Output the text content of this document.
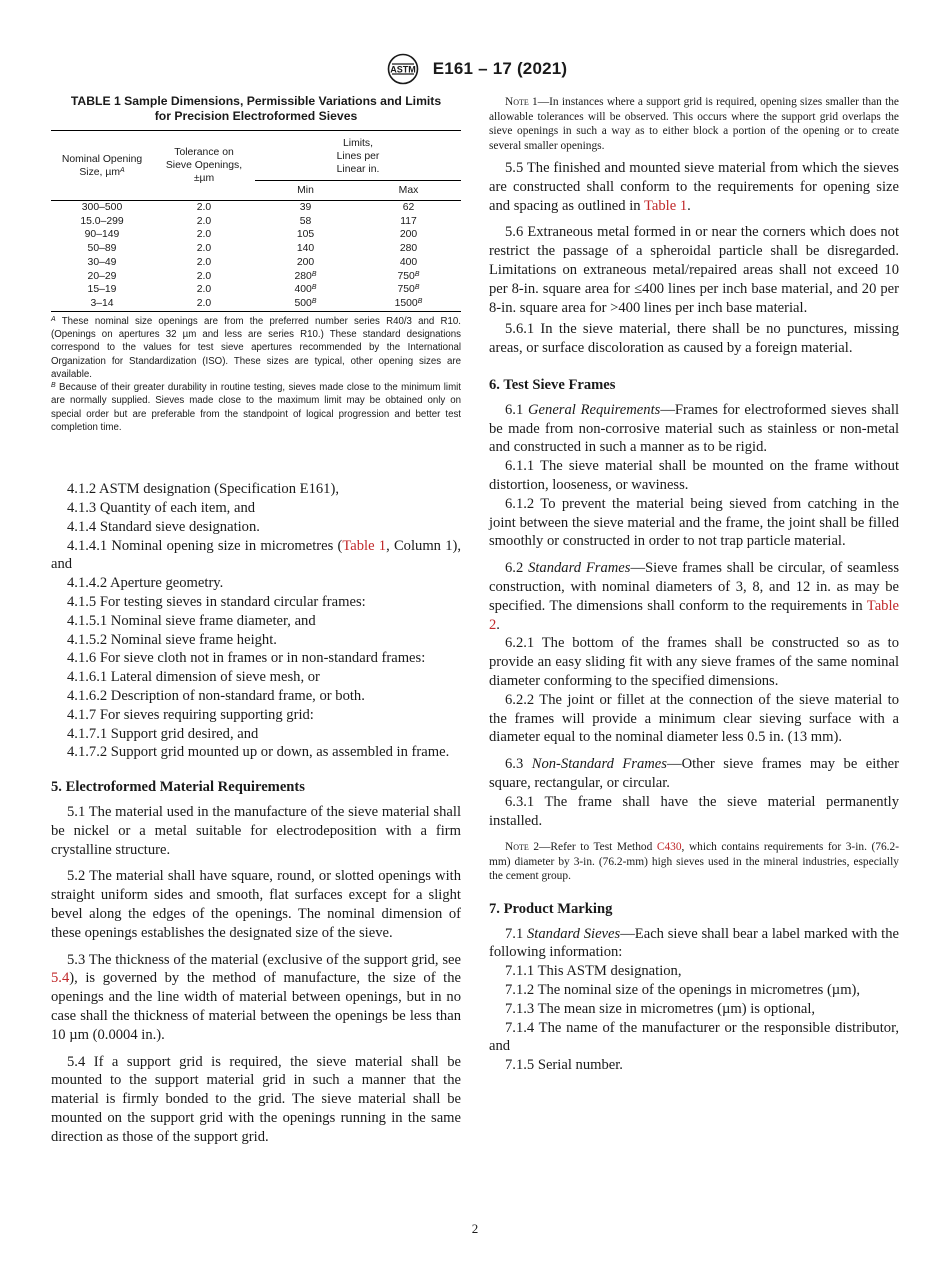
ASTM E161 – 17 (2021)
TABLE 1 Sample Dimensions, Permissible Variations and Limits
for Precision Electroformed Sieves
Nominal Opening
Size, µm$^A$	Tolerance on
Sieve Openings,
±µm	Limits,
Lines per
Linear in.	
		Min	Max
300–500	2.0	39	62
15.0–299	2.0	58	117
90–149	2.0	105	200
50–89	2.0	140	280
30–49	2.0	200	400
20–29	2.0	$280^B$	$750^B$
15–19	2.0	$400^B$	$750^B$
3–14	2.0	$500^B$	$1500^B$

$^A$ These nominal size openings are from the preferred number series R40/3 and R10. (Openings on apertures 32 µm and less are series R10.) These standard designations correspond to the values for test sieve apertures recommended by the International Organization for Standardization (ISO). These sizes are typical, other opening sizes are available.

$^B$ Because of their greater durability in routine testing, sieves made close to the minimum limit are normally supplied. Sieves made close to the maximum limit may be obtained only on special order but are preferable from the standpoint of logical progression and better test completion time.

4.1.2 ASTM designation (Specification E161),

4.1.3 Quantity of each item, and

4.1.4 Standard sieve designation.

4.1.4.1 Nominal opening size in micrometres (Table 1, Column 1), and

4.1.4.2 Aperture geometry.

4.1.5 For testing sieves in standard circular frames:

4.1.5.1 Nominal sieve frame diameter, and

4.1.5.2 Nominal sieve frame height.

4.1.6 For sieve cloth not in frames or in non-standard frames:

4.1.6.1 Lateral dimension of sieve mesh, or

4.1.6.2 Description of non-standard frame, or both.

4.1.7 For sieves requiring supporting grid:

4.1.7.1 Support grid desired, and

4.1.7.2 Support grid mounted up or down, as assembled in frame.

5. Electroformed Material Requirements

5.1 The material used in the manufacture of the sieve material shall be nickel or a metal suitable for electrodeposition with a firm crystalline structure.

5.2 The material shall have square, round, or slotted openings with straight uniform sides and smooth, flat surfaces except for a slight bevel along the edges of the openings. The nominal dimension of these openings establishes the designated size of the sieve.

5.3 The thickness of the material (exclusive of the support grid, see 5.4), is governed by the method of manufacture, the size of the openings and the line width of material between openings, but in no case shall the thickness of material between the openings be less than 10 µm (0.0004 in.).

5.4 If a support grid is required, the sieve material shall be mounted to the support material grid in such a manner that the material is firmly bonded to the grid. The sieve material shall be mounted on the support grid with the openings running in the same direction as those of the support grid.

Note 1—In instances where a support grid is required, opening sizes smaller than the allowable tolerances will be observed. This occurs where the support grid overlaps the sieve openings in such a way as to either block a portion of the opening or to create several smaller openings.

5.5 The finished and mounted sieve material from which the sieves are constructed shall conform to the requirements for opening size and spacing as outlined in Table 1.

5.6 Extraneous metal formed in or near the corners which does not restrict the passage of a spheroidal particle shall be disregarded. Limitations on extraneous metal/repaired areas shall not exceed 10 per 8-in. square area for ≤400 lines per inch base material, and 20 per 8-in. square area for >400 lines per inch base material.

5.6.1 In the sieve material, there shall be no punctures, missing areas, or surface discoloration as caused by a foreign material.

6. Test Sieve Frames

6.1 General Requirements—Frames for electroformed sieves shall be made from non-corrosive material such as stainless or non-metal and constructed in such a manner as to be rigid.

6.1.1 The sieve material shall be mounted on the frame without distortion, looseness, or waviness.

6.1.2 To prevent the material being sieved from catching in the joint between the sieve material and the frame, the joint shall be filled smoothly or constructed in order to not trap particle material.

6.2 Standard Frames—Sieve frames shall be circular, of seamless construction, with nominal diameters of 3, 8, and 12 in. as may be specified. The dimensions shall conform to the requirements in Table 2.

6.2.1 The bottom of the frames shall be constructed so as to provide an easy sliding fit with any sieve frames of the same nominal diameter conforming to the specified dimensions.

6.2.2 The joint or fillet at the connection of the sieve material to the frames will provide a minimum clear sieving surface with a diameter equal to the nominal diameter less 0.5 in. (13 mm).

6.3 Non-Standard Frames—Other sieve frames may be either square, rectangular, or circular.

6.3.1 The frame shall have the sieve material permanently installed.

Note 2—Refer to Test Method C430, which contains requirements for 3-in. (76.2-mm) diameter by 3-in. (76.2-mm) high sieves used in the mineral industries, especially the cement group.

7. Product Marking

7.1 Standard Sieves—Each sieve shall bear a label marked with the following information:

7.1.1 This ASTM designation,

7.1.2 The nominal size of the openings in micrometres (µm),

7.1.3 The mean size in micrometres (µm) is optional,

7.1.4 The name of the manufacturer or the responsible distributor, and

7.1.5 Serial number.

2
